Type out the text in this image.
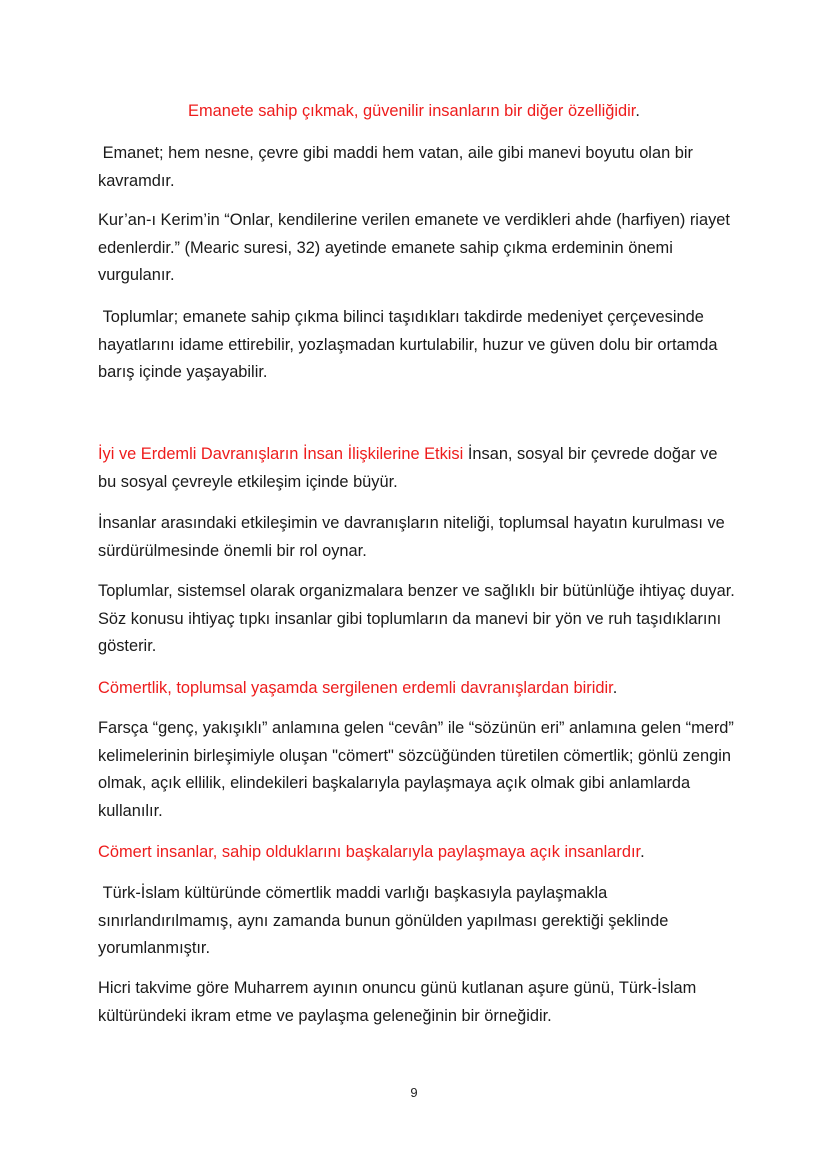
Emanete sahip çıkmak, güvenilir insanların bir diğer özelliğidir.

Emanet; hem nesne, çevre gibi maddi hem vatan, aile gibi manevi boyutu olan bir kavramdır.

Kur’an-ı Kerim’in “Onlar, kendilerine verilen emanete ve verdikleri ahde (harfiyen) riayet edenlerdir.” (Mearic suresi, 32) ayetinde emanete sahip çıkma erdeminin önemi vurgulanır.

Toplumlar; emanete sahip çıkma bilinci taşıdıkları takdirde medeniyet çerçevesinde hayatlarını idame ettirebilir, yozlaşmadan kurtulabilir, huzur ve güven dolu bir ortamda barış içinde yaşayabilir.

İyi ve Erdemli Davranışların İnsan İlişkilerine Etkisi İnsan, sosyal bir çevrede doğar ve bu sosyal çevreyle etkileşim içinde büyür.

İnsanlar arasındaki etkileşimin ve davranışların niteliği, toplumsal hayatın kurulması ve sürdürülmesinde önemli bir rol oynar.

Toplumlar, sistemsel olarak organizmalara benzer ve sağlıklı bir bütünlüğe ihtiyaç duyar. Söz konusu ihtiyaç tıpkı insanlar gibi toplumların da manevi bir yön ve ruh taşıdıklarını gösterir.

Cömertlik, toplumsal yaşamda sergilenen erdemli davranışlardan biridir.

Farsça “genç, yakışıklı” anlamına gelen “cevân” ile “sözünün eri” anlamına gelen “merd” kelimelerinin birleşimiyle oluşan "cömert" sözcüğünden türetilen cömertlik; gönlü zengin olmak, açık ellilik, elindekileri başkalarıyla paylaşmaya açık olmak gibi anlamlarda kullanılır.

Cömert insanlar, sahip olduklarını başkalarıyla paylaşmaya açık insanlardır.

Türk-İslam kültüründe cömertlik maddi varlığı başkasıyla paylaşmakla sınırlandırılmamış, aynı zamanda bunun gönülden yapılması gerektiği şeklinde yorumlanmıştır.

Hicri takvime göre Muharrem ayının onuncu günü kutlanan aşure günü, Türk-İslam kültüründeki ikram etme ve paylaşma geleneğinin bir örneğidir.

9
